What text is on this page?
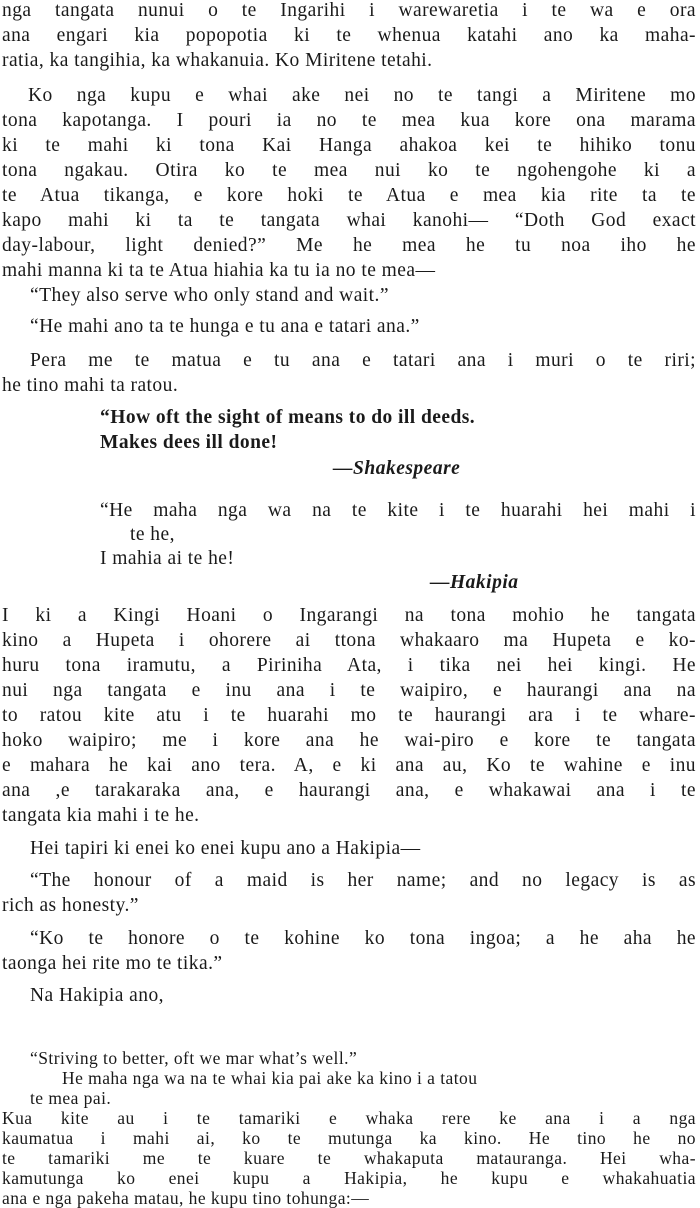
nga tangata nunui o te Ingarihi i warewaretia i te wa e ora
ana engari kia popopotia ki te whenua katahi ano ka maha-
ratia, ka tangihia, ka whakanuia. Ko Miritene tetahi.
Ko nga kupu e whai ake nei no te tangi a Miritene mo
tona kapotanga. I pouri ia no te mea kua kore ona marama
ki te mahi ki tona Kai Hanga ahakoa kei te hihiko tonu
tona ngakau. Otira ko te mea nui ko te ngohengohe ki a
te Atua tikanga, e kore hoki te Atua e mea kia rite ta te
kapo mahi ki ta te tangata whai kanohi— “Doth God exact
day-labour, light denied?” Me he mea he tu noa iho he
mahi manna ki ta te Atua hiahia ka tu ia no te mea—
“They also serve who only stand and wait.”
“He mahi ano ta te hunga e tu ana e tatari ana.”
Pera me te matua e tu ana e tatari ana i muri o te riri;
he tino mahi ta ratou.
“How oft the sight of means to do ill deeds.
Makes dees ill done!
—Shakespeare
“He maha nga wa na te kite i te huarahi hei mahi i
te he,
I mahia ai te he!
—Hakipia
I ki a Kingi Hoani o Ingarangi na tona mohio he tangata
kino a Hupeta i ohorere ai ttona whakaaro ma Hupeta e ko-
huru tona iramutu, a Piriniha Ata, i tika nei hei kingi. He
nui nga tangata e inu ana i te waipiro, e haurangi ana na
to ratou kite atu i te huarahi mo te haurangi ara i te whare-
hoko waipiro; me i kore ana he wai-piro e kore te tangata
e mahara he kai ano tera. A, e ki ana au, Ko te wahine e inu
ana ,e tarakaraka ana, e haurangi ana, e whakawai ana i te
tangata kia mahi i te he.
Hei tapiri ki enei ko enei kupu ano a Hakipia—
“The honour of a maid is her name; and no legacy is as
rich as honesty.”
“Ko te honore o te kohine ko tona ingoa; a he aha he
taonga hei rite mo te tika.”
Na Hakipia ano,
“Striving to better, oft we mar what’s well.”
He maha nga wa na te whai kia pai ake ka kino i a tatou
te mea pai.
Kua kite au i te tamariki e whaka rere ke ana i a nga
kaumatua i mahi ai, ko te mutunga ka kino. He tino he no
te tamariki me te kuare te whakaputa matauranga. Hei wha-
kamutunga ko enei kupu a Hakipia, he kupu e whakahuatia
ana e nga pakeha matau, he kupu tino tohunga:—
